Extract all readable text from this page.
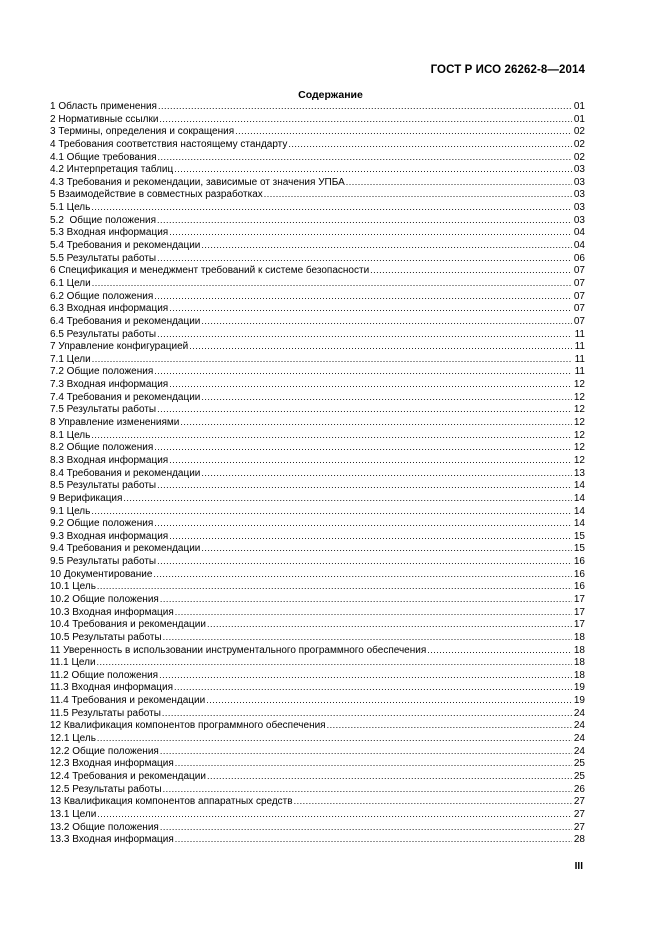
ГОСТ Р ИСО 26262-8—2014
Содержание
1 Область применения .....	01
2 Нормативные ссылки .....	01
3 Термины, определения и сокращения .....	02
4 Требования соответствия настоящему стандарту .....	02
4.1 Общие требования .....	02
4.2 Интерпретация таблиц .....	03
4.3 Требования и рекомендации, зависимые от значения УПБА .....	03
5 Взаимодействие в совместных разработках .....	03
5.1 Цель .....	03
5.2  Общие положения .....	03
5.3 Входная информация .....	04
5.4 Требования и рекомендации .....	04
5.5 Результаты работы .....	06
6 Спецификация и менеджмент требований к системе безопасности .....	07
6.1 Цели .....	07
6.2 Общие положения .....	07
6.3 Входная информация .....	07
6.4 Требования и рекомендации .....	07
6.5 Результаты работы .....	11
7 Управление конфигурацией .....	11
7.1 Цели .....	11
7.2 Общие положения .....	11
7.3 Входная информация .....	12
7.4 Требования и рекомендации .....	12
7.5 Результаты работы .....	12
8 Управление изменениями .....	12
8.1 Цель .....	12
8.2 Общие положения .....	12
8.3 Входная информация .....	12
8.4 Требования и рекомендации .....	13
8.5 Результаты работы .....	14
9 Верификация .....	14
9.1 Цель .....	14
9.2 Общие положения .....	14
9.3 Входная информация .....	15
9.4 Требования и рекомендации .....	15
9.5 Результаты работы .....	16
10 Документирование .....	16
10.1 Цель .....	16
10.2 Общие положения .....	17
10.3 Входная информация .....	17
10.4 Требования и рекомендации .....	17
10.5 Результаты работы .....	18
11 Уверенность в использовании инструментального программного обеспечения .....	18
11.1 Цели .....	18
11.2 Общие положения .....	18
11.3 Входная информация .....	19
11.4 Требования и рекомендации .....	19
11.5 Результаты работы .....	24
12 Квалификация компонентов программного обеспечения .....	24
12.1 Цель .....	24
12.2 Общие положения .....	24
12.3 Входная информация .....	25
12.4 Требования и рекомендации .....	25
12.5 Результаты работы .....	26
13 Квалификация компонентов аппаратных средств .....	27
13.1 Цели .....	27
13.2 Общие положения .....	27
13.3 Входная информация .....	28
III
